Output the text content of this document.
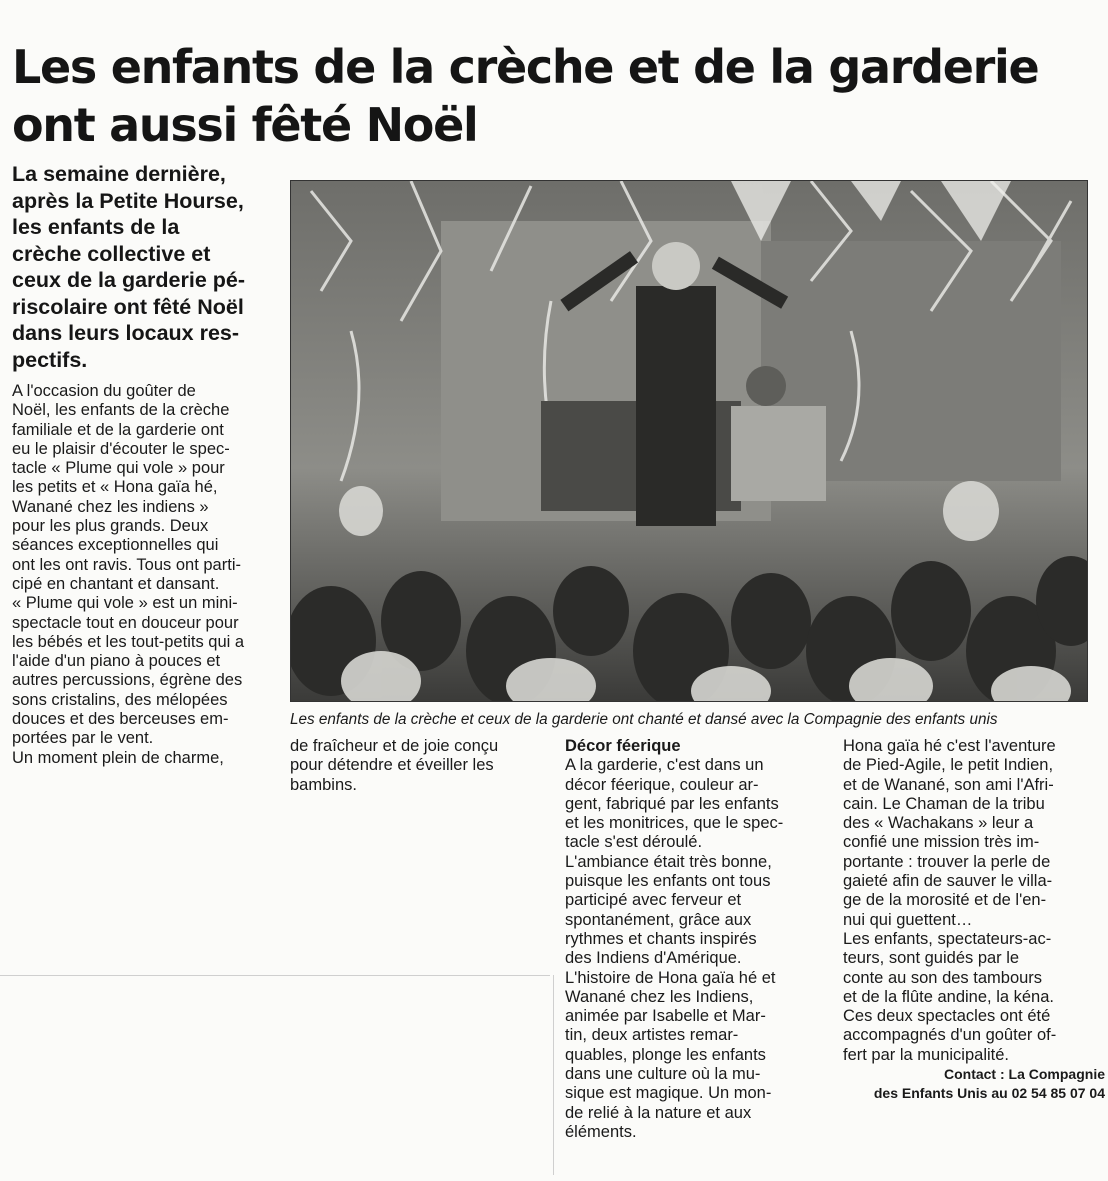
Les enfants de la crèche et de la garderie
ont aussi fêté Noël
La semaine dernière,
après la Petite Hourse,
les enfants de la
crèche collective et
ceux de la garderie pé-
riscolaire ont fêté Noël
dans leurs locaux res-
pectifs.
Les enfants de la crèche et ceux de la garderie ont chanté et dansé avec la Compagnie des enfants unis
A l'occasion du goûter de
Noël, les enfants de la crèche
familiale et de la garderie ont
eu le plaisir d'écouter le spec-
tacle « Plume qui vole » pour
les petits et « Hona gaïa hé,
Wanané chez les indiens »
pour les plus grands. Deux
séances exceptionnelles qui
ont les ont ravis. Tous ont parti-
cipé en chantant et dansant.
« Plume qui vole » est un mini-
spectacle tout en douceur pour
les bébés et les tout-petits qui a
l'aide d'un piano à pouces et
autres percussions, égrène des
sons cristalins, des mélopées
douces et des berceuses em-
portées par le vent.
Un moment plein de charme,
de fraîcheur et de joie conçu
pour détendre et éveiller les
bambins.
Décor féerique
A la garderie, c'est dans un
décor féerique, couleur ar-
gent, fabriqué par les enfants
et les monitrices, que le spec-
tacle s'est déroulé.
L'ambiance était très bonne,
puisque les enfants ont tous
participé avec ferveur et
spontanément, grâce aux
rythmes et chants inspirés
des Indiens d'Amérique.
L'histoire de Hona gaïa hé et
Wanané chez les Indiens,
animée par Isabelle et Mar-
tin, deux artistes remar-
quables, plonge les enfants
dans une culture où la mu-
sique est magique. Un mon-
de relié à la nature et aux
éléments.
Hona gaïa hé c'est l'aventure
de Pied-Agile, le petit Indien,
et de Wanané, son ami l'Afri-
cain. Le Chaman de la tribu
des « Wachakans » leur a
confié une mission très im-
portante : trouver la perle de
gaieté afin de sauver le villa-
ge de la morosité et de l'en-
nui qui guettent…
Les enfants, spectateurs-ac-
teurs, sont guidés par le
conte au son des tambours
et de la flûte andine, la kéna.
Ces deux spectacles ont été
accompagnés d'un goûter of-
fert par la municipalité.
Contact : La Compagnie
des Enfants Unis au 02 54 85 07 04
